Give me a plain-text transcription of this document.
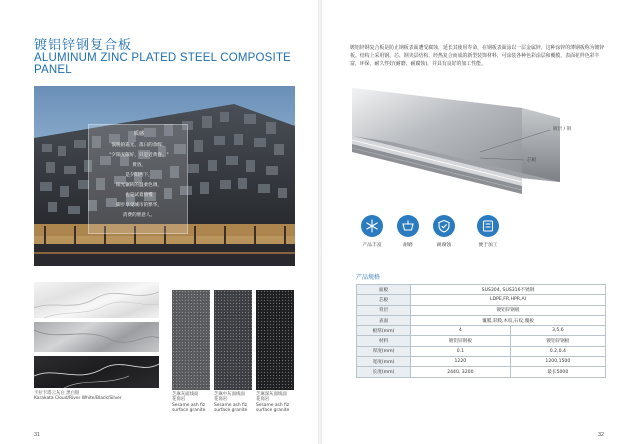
镀铝锌钢复合板
ALUMINUM ZINC PLATED STEEL COMPOSITE PANEL
质感
悯晚的霞光、落日的余晖、
"夕阳无限好，只是近黄昏。"
黄昏，
是夕阳西下，
阳光辗转的温柔色调，
也是试着放慢
脚步享受城市的繁华，
消费的惬意人。
卡拉卡塔云灰白 黑白银
Karakata Cloud/River White/Black/Silver
芝麻灰面线面
花岗岩
Sesame ash fiz
surface granite
芝麻中灰面线面
花岗岩
Sesame ash fiz
surface granite
芝麻深灰面线面
花岗岩
Sesame ash fiz
surface granite
31
镀铝锌钢复合板是防止钢板表面遭受腐蚀，延长其使用寿命，在钢板表面涂以一层金属锌，这种涂锌的薄钢板称为镀锌板。结构上采用钢、芯、钢夹层结构，经热复合而成的新型装饰材料，可涂装各种色彩涂层和覆膜，表面花样色彩丰富，环保，耐久性好(耐磨，耐腐蚀)，并具有良好的加工性能。
镀层 / 钢
芯板
产品丰富	耐磨	耐腐蚀	便于加工
产品规格
面板	SUS304, SUS316不锈钢	
芯板	LDPE,FR,HPR,AI	
背层	镀铝锌钢板	
表面	覆膜,彩膜,木纹,石纹,覆板	
板厚(mm)	4	3,5,6
材料	镀铝锌钢板	镀铝锌钢板
厚度(mm)	0.1	0.2,0.4
宽度(mm)	1220	1200,1500
长度(mm)	2440, 3200	最长5000
32
